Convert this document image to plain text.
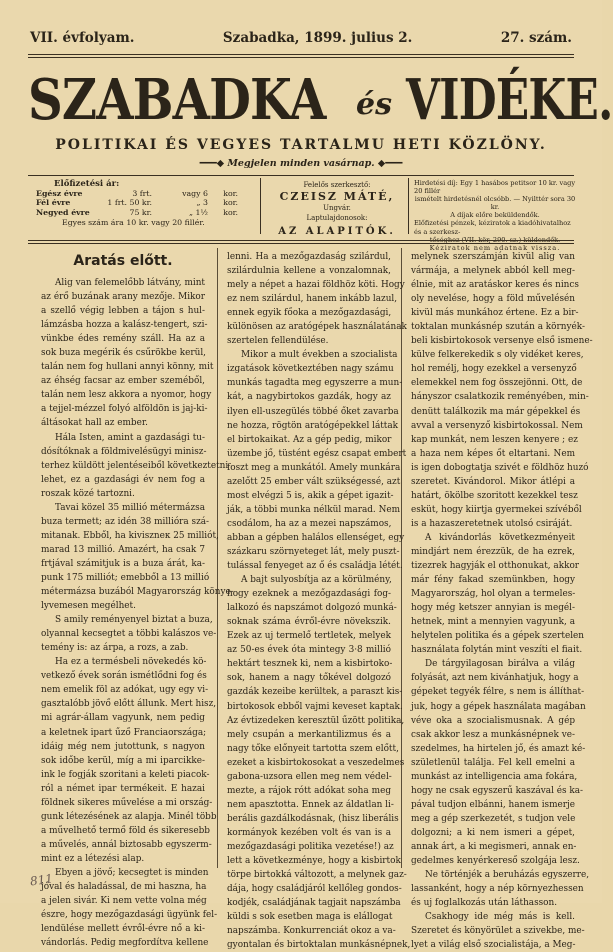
VII. évfolyam.	Szabadka, 1899. julius 2.	27. szám.
SZABADKA és VIDÉKE.
POLITIKAI ÉS VEGYES TARTALMU HETI KÖZLÖNY.
━━━◆ Megjelen minden vasárnap. ◆━━━
Előfizetési ár:
Egész évre	3 frt.	vagy 6	kor.
Fél évre	1 frt. 50 kr.	„ 3	kor.
Negyed évre	75 kr.	„ 1½	kor.
Egyes szám ára 10 kr. vagy 20 fillér.
Felelős szerkesztő:
CZEISZ MÁTÉ,
Ungvár.
Laptulajdonosok:
AZ ALAPITÓK.
Hirdetési díj: Egy 1 hasábos petitsor 10 kr. vagy 20 fillér
ismételt hirdetésnél olcsóbb. — Nyilttér sora 30 kr.
A díjak előre beküldendők.
Előfizetési pénzek, kéziratok a kiadóhivatalhoz és a szerkesz-
tőséghez (VII. kör, 290. sz.) küldendők.
Kéziratok nem adatnak vissza.
Aratás előtt.
Alig van felemelőbb látvány, mint
az érő buzának arany mezője. Mikor
a szellő végig lebben a tájon s hul-
lámzásba hozza a kalász-tengert, szi-
vünkbe édes remény száll. Ha az a
sok buza megérik és csűrökbe kerül,
talán nem fog hullani annyi könny, mit
az éhség facsar az ember szeméből,
talán nem lesz akkora a nyomor, hogy
a tejjel-mézzel folyó alföldön is jaj-ki-
áltásokat hall az ember.
Hála Isten, amint a gazdasági tu-
dósítóknak a földmivelésügyi minisz-
terhez küldött jelentéseiből következtetni
lehet, ez a gazdasági év nem fog a
roszak közé tartozni.
Tavai közel 35 millió métermázsa
buza termett; az idén 38 millióra szá-
mitanak. Ebből, ha kiviszneк 25 milliót,
marad 13 millió. Amazért, ha csak 7
frtjával számitjuk is a buza árát, ka-
punk 175 milliót; emebből a 13 millió
métermázsa buzából Magyarország könye-
lyvemesen megélhet.
S amily reményenyel biztat a buza,
olyannal kecsegtet a többi kalászos ve-
temény is: az árpa, a rozs, a zab.
Ha ez a termésbeli növekedés kö-
vetkező évek során ismétlődni fog és
nem emelik föl az adókat, ugy egy vi-
gasztalóbb jövő előtt állunk. Mert hisz,
mi agrár-állam vagyunk, nem pedig
a keletnek ipart űző Franciaországa;
idáig még nem jutottunk, s nagyon
sok időbe kerül, míg a mi iparcikke-
ink le fogják szoritani a keleti piacok-
ról a német ipar termékeit. E hazai
földnek sikeres művelése a mi ország-
gunk létezésének az alapja. Minél több
a művelhető termő föld és sikeresebb
a művelés, annál biztosabb egyszerm-
mint ez a létezési alap.
Ebyen a jövő; kecsegtet is minden
jóval és haladással, de mi haszna, ha
a jelen sivár. Ki nem vette volna még
észre, hogy mezőgazdasági ügyünk fel-
lendülése mellett évről-évre nő a ki-
vándorlás. Pedig megfordítva kellene
lenni. Ha a mezőgazdaság szilárdul,
szilárdulnia kellene a vonzalomnak,
mely a népet a hazai földhöz köti. Hogy
ez nem szilárdul, hanem inkább lazul,
ennek egyik főoka a mezőgazdasági,
különösen az aratógépek használatának
szertelen fellendülése.
Mikor a mult években a szocialista
izgatások következtében nagy számu
munkás tagadta meg egyszerre a mun-
kát, a nagybirtokos gazdák, hogy az
ilyen ell-uszegülés többé őket zavarba
ne hozza, rögtön aratógépekkel láttak
el birtokaikat. Az a gép pedig, mikor
üzembe jő, tüstént egész csapat embert
foszt meg a munkától. Amely munkára
azelőtt 25 ember vált szükségessé, azt
most elvégzi 5 is, akik a gépet igazit-
ják, a többi munka nélkül marad. Nem
csodálom, ha az a mezei napszámos,
abban a gépben halálos ellenséget, egy
százkaru szörnyeteget lát, mely puszt-
tulással fenyeget az ő és családja létét.
A bajt sulyosbítja az a körülmény,
hogy ezeknek a mezőgazdasági fog-
lalkozó és napszámot dolgozó munká-
soknak száma évről-évre növekszik.
Ezek az uj termelő tertletek, melyek
az 50-es évek óta mintegy 3·8 millió
hektárt tesznek ki, nem a kisbirtoko-
sok, hanem a nagy tőkével dolgozó
gazdák kezeibe kerültek, a paraszt kis-
birtokosok ebből vajmi keveset kaptak.
Az évtizedeken keresztül űzött politika,
mely csupán a merkantilizmus és a
nagy tőke előnyeit tartotta szem előtt,
ezeket a kisbirtokosokat a veszedelmes
gabona-uzsora ellen meg nem védel-
mezte, a rájok rótt adókat soha meg
nem apasztotta. Ennek az áldatlan li-
berális gazdálkodásnak, (hisz liberális
kormányok kezében volt és van is a
mezőgazdasági politika vezetése!) az
lett a következménye, hogy a kisbirtok
törpe birtokká változott, a melynek gaz-
dája, hogy családjáról kellőleg gondos-
kodjék, családjának tagjait napszámba
küldi s sok esetben maga is elállogat
napszámba. Konkurrenciát okoz a va-
gyontalan és birtoktalan munkásnépnek,
melynek szerszámján kivül alig van
vármája, a melynek abból kell meg-
élnie, mit az aratáskor keres és nincs
oly nevelése, hogy a föld művelésén
kivül más munkához értene. Ez a bir-
toktalan munkásnép szután a környék-
beli kisbirtokosok versenye első ismene-
külve felkerekedik s oly vidéket keres,
hol remélj, hogy ezekkel a versenyző
elemekkel nem fog összejönni. Ott, de
hányszor csalatkozik reményében, min-
denütt találkozik ma már gépekkel és
avval a versenyző kisbirtokossal. Nem
kap munkát, nem leszen kenyere ; ez
a haza nem képes őt eltartani. Nem
is igen dobogtatja szivét e földhöz huzó
szeretet. Kivándorol. Mikor átlépi a
határt, ökölbe szoritott kezekkel tesz
esküt, hogy kiirtja gyermekei szívéből
is a hazaszeretetnek utolsó csiráját.
A kivándorlás következményeit
mindjárt nem érezzük, de ha ezrek,
tizezrek hagyják el otthonukat, akkor
már fény fakad szemünkben, hogy
Magyarország, hol olyan a termeles-
hogy még ketszer annyian is megél-
hetnek, mint a mennyien vagyunk, a
helytelen politika és a gépek szertelen
használata folytán mint veszíti el fiait.
De tárgyilagosan birálva a világ
folyását, azt nem kivánhatjuk, hogy a
gépeket tegyék félre, s nem is állíthat-
juk, hogy a gépek használata magában
véve oka a szocialismusnak. A gép
csak akkor lesz a munkásnépnek ve-
szedelmes, ha hirtelen jő, és amazt ké-
születlenül találja. Fel kell emelni a
munkást az intelligencia ama fokára,
hogy ne csak egyszerű kaszával és ka-
pával tudjon elbánni, hanem ismerje
meg a gép szerkezetét, s tudjon vele
dolgozni; a ki nem ismeri a gépet,
annak árt, a ki megismeri, annak en-
gedelmes kenyérkereső szolgája lesz.
Ne történjék a beruházás egyszerre,
lassanként, hogy a nép környezhessen
és uj foglalkozás után láthasson.
Csakhogy ide még más is kell.
Szeretet és könyörület a szivekbe, me-
lyet a világ első szocialistája, a Meg-
811
